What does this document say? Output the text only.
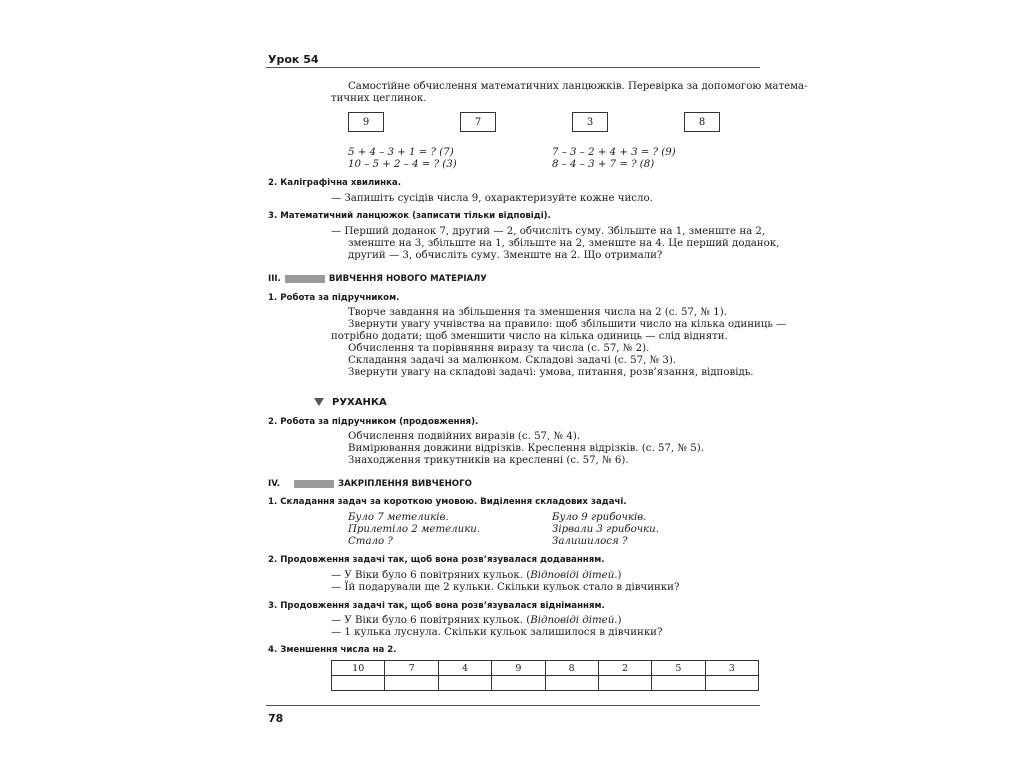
Урок 54
Самостійне обчислення математичних ланцюжків. Перевірка за допомогою матема-
тичних цеглинок.
9	7	3	8
5 + 4 – 3 + 1 = ? (7)
10 – 5 + 2 – 4 = ? (3)
7 – 3 – 2 + 4 + 3 = ? (9)
8 – 4 – 3 + 7 = ? (8)
2. Каліграфічна хвилинка.
— Запишіть сусідів числа 9, охарактеризуйте кожне число.
3. Математичний ланцюжок (записати тільки відповіді).
— Перший доданок 7, другий — 2, обчисліть суму. Збільште на 1, зменште на 2,
зменште на 3, збільште на 1, збільште на 2, зменште на 4. Це перший доданок,
другий — 3, обчисліть суму. Зменште на 2. Що отримали?
III.	ВИВЧЕННЯ НОВОГО МАТЕРІАЛУ
1. Робота за підручником.
Творче завдання на збільшення та зменшення числа на 2 (с. 57, № 1).
Звернути увагу учнівства на правило: щоб збільшити число на кілька одиниць —
потрібно додати; щоб зменшити число на кілька одиниць — слід відняти.
Обчислення та порівняння виразу та числа (с. 57, № 2).
Складання задачі за малюнком. Складові задачі (с. 57, № 3).
Звернути увагу на складові задачі: умова, питання, розв’язання, відповідь.
РУХАНКА
2. Робота за підручником (продовження).
Обчислення подвійних виразів (с. 57, № 4).
Вимірювання довжини відрізків. Креслення відрізків. (с. 57, № 5).
Знаходження трикутників на кресленні (с. 57, № 6).
IV.	ЗАКРІПЛЕННЯ ВИВЧЕНОГО
1. Складання задач за короткою умовою. Виділення складових задачі.
Було 7 метеликів.
Прилетіло 2 метелики.
Стало ?
Було 9 грибочків.
Зірвали 3 грибочки.
Залишилося ?
2. Продовження задачі так, щоб вона розв’язувалася додаванням.
— У Віки було 6 повітряних кульок. (Відповіді дітей.)
— Їй подарували ще 2 кульки. Скільки кульок стало в дівчинки?
3. Продовження задачі так, щоб вона розв’язувалася відніманням.
— У Віки було 6 повітряних кульок. (Відповіді дітей.)
— 1 кулька луснула. Скільки кульок залишилося в дівчинки?
4. Зменшення числа на 2.
10	7	4	9	8	2	5	3

78
